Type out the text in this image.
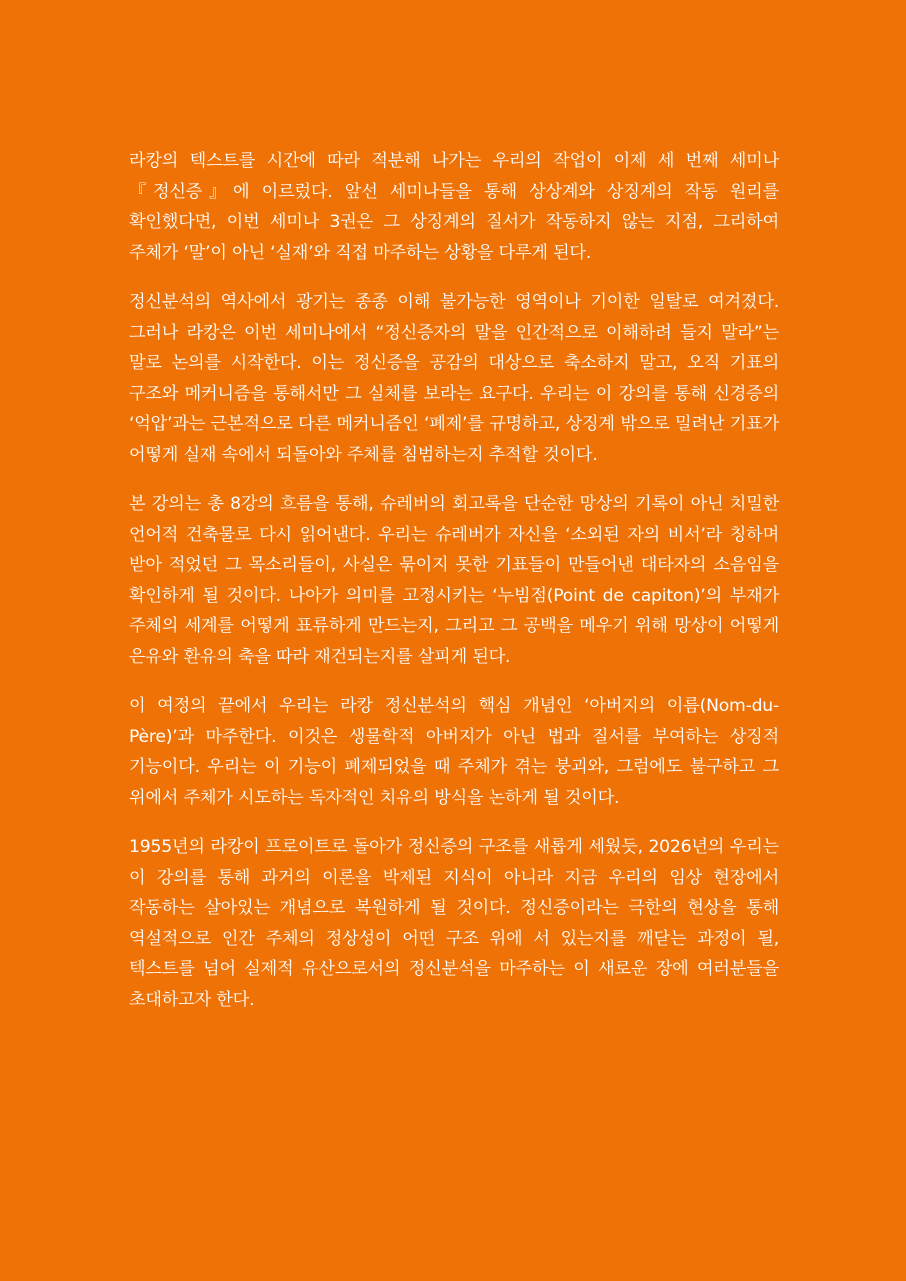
라캉의 텍스트를 시간에 따라 적분해 나가는 우리의 작업이 이제 세 번째 세미나 『정신증』에 이르렀다. 앞선 세미나들을 통해 상상계와 상징계의 작동 원리를 확인했다면, 이번 세미나 3권은 그 상징계의 질서가 작동하지 않는 지점, 그리하여 주체가 ‘말’이 아닌 ‘실재’와 직접 마주하는 상황을 다루게 된다.

정신분석의 역사에서 광기는 종종 이해 불가능한 영역이나 기이한 일탈로 여겨졌다. 그러나 라캉은 이번 세미나에서 “정신증자의 말을 인간적으로 이해하려 들지 말라”는 말로 논의를 시작한다. 이는 정신증을 공감의 대상으로 축소하지 말고, 오직 기표의 구조와 메커니즘을 통해서만 그 실체를 보라는 요구다. 우리는 이 강의를 통해 신경증의 ‘억압’과는 근본적으로 다른 메커니즘인 ‘폐제’를 규명하고, 상징계 밖으로 밀려난 기표가 어떻게 실재 속에서 되돌아와 주체를 침범하는지 추적할 것이다.

본 강의는 총 8강의 흐름을 통해, 슈레버의 회고록을 단순한 망상의 기록이 아닌 치밀한 언어적 건축물로 다시 읽어낸다. 우리는 슈레버가 자신을 ‘소외된 자의 비서’라 칭하며 받아 적었던 그 목소리들이, 사실은 묶이지 못한 기표들이 만들어낸 대타자의 소음임을 확인하게 될 것이다. 나아가 의미를 고정시키는 ‘누빔점(Point de capiton)’의 부재가 주체의 세계를 어떻게 표류하게 만드는지, 그리고 그 공백을 메우기 위해 망상이 어떻게 은유와 환유의 축을 따라 재건되는지를 살피게 된다.

이 여정의 끝에서 우리는 라캉 정신분석의 핵심 개념인 ‘아버지의 이름(Nom-du-Père)’과 마주한다. 이것은 생물학적 아버지가 아닌 법과 질서를 부여하는 상징적 기능이다. 우리는 이 기능이 폐제되었을 때 주체가 겪는 붕괴와, 그럼에도 불구하고 그 위에서 주체가 시도하는 독자적인 치유의 방식을 논하게 될 것이다.

1955년의 라캉이 프로이트로 돌아가 정신증의 구조를 새롭게 세웠듯, 2026년의 우리는 이 강의를 통해 과거의 이론을 박제된 지식이 아니라 지금 우리의 임상 현장에서 작동하는 살아있는 개념으로 복원하게 될 것이다. 정신증이라는 극한의 현상을 통해 역설적으로 인간 주체의 정상성이 어떤 구조 위에 서 있는지를 깨닫는 과정이 될, 텍스트를 넘어 실제적 유산으로서의 정신분석을 마주하는 이 새로운 장에 여러분들을 초대하고자 한다.
